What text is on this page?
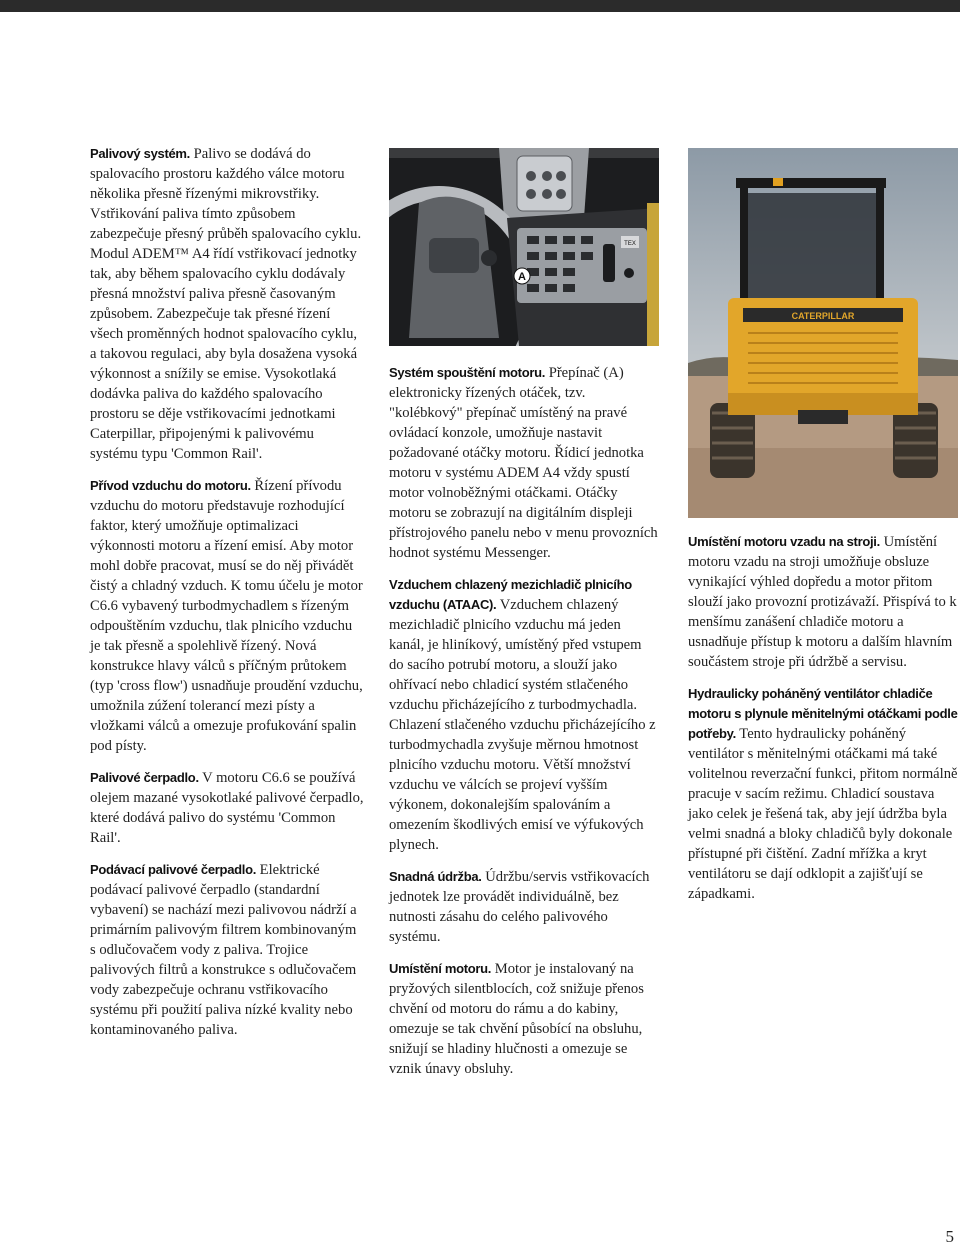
Palivový systém. Palivo se dodává do spalovacího prostoru každého válce motoru několika přesně řízenými mikrovstřiky. Vstřikování paliva tímto způsobem zabezpečuje přesný průběh spalovacího cyklu. Modul ADEM™ A4 řídí vstřikovací jednotky tak, aby během spalovacího cyklu dodávaly přesná množství paliva přesně časovaným způsobem. Zabezpečuje tak přesné řízení všech proměnných hodnot spalovacího cyklu, a takovou regulaci, aby byla dosažena vysoká výkonnost a snížily se emise. Vysokotlaká dodávka paliva do každého spalovacího prostoru se děje vstřikovacími jednotkami Caterpillar, připojenými k palivovému systému typu 'Common Rail'.

Přívod vzduchu do motoru. Řízení přívodu vzduchu do motoru představuje rozhodující faktor, který umožňuje optimalizaci výkonnosti motoru a řízení emisí. Aby motor mohl dobře pracovat, musí se do něj přivádět čistý a chladný vzduch. K tomu účelu je motor C6.6 vybavený turbodmychadlem s řízeným odpouštěním vzduchu, tlak plnicího vzduchu je tak přesně a spolehlivě řízený. Nová konstrukce hlavy válců s příčným průtokem (typ 'cross flow') usnadňuje proudění vzduchu, umožnila zúžení tolerancí mezi písty a vložkami válců a omezuje profukování spalin pod písty.

Palivové čerpadlo. V motoru C6.6 se používá olejem mazané vysokotlaké palivové čerpadlo, které dodává palivo do systému 'Common Rail'.

Podávací palivové čerpadlo. Elektrické podávací palivové čerpadlo (standardní vybavení) se nachází mezi palivovou nádrží a primárním palivovým filtrem kombinovaným s odlučovačem vody z paliva. Trojice palivových filtrů a konstrukce s odlučovačem vody zabezpečuje ochranu vstřikovacího systému při použití paliva nízké kvality nebo kontaminovaného paliva.

A
TEX

Systém spouštění motoru. Přepínač (A) elektronicky řízených otáček, tzv. "kolébkový" přepínač umístěný na pravé ovládací konzole, umožňuje nastavit požadované otáčky motoru. Řídicí jednotka motoru v systému ADEM A4 vždy spustí motor volnoběžnými otáčkami. Otáčky motoru se zobrazují na digitálním displeji přístrojového panelu nebo v menu provozních hodnot systému Messenger.

Vzduchem chlazený mezichladič plnicího vzduchu (ATAAC). Vzduchem chlazený mezichladič plnicího vzduchu má jeden kanál, je hliníkový, umístěný před vstupem do sacího potrubí motoru, a slouží jako ohřívací nebo chladicí systém stlačeného vzduchu přicházejícího z turbodmychadla. Chlazení stlačeného vzduchu přicházejícího z turbodmychadla zvyšuje měrnou hmotnost plnicího vzduchu motoru. Větší množství vzduchu ve válcích se projeví vyšším výkonem, dokonalejším spalováním a omezením škodlivých emisí ve výfukových plynech.

Snadná údržba. Údržbu/servis vstřikovacích jednotek lze provádět individuálně, bez nutnosti zásahu do celého palivového systému.

Umístění motoru. Motor je instalovaný na pryžových silentblocích, což snižuje přenos chvění od motoru do rámu a do kabiny, omezuje se tak chvění působící na obsluhu, snižují se hladiny hlučnosti a omezuje se vznik únavy obsluhy.

CATERPILLAR

Umístění motoru vzadu na stroji. Umístění motoru vzadu na stroji umožňuje obsluze vynikající výhled dopředu a motor přitom slouží jako provozní protizávaží. Přispívá to k menšímu zanášení chladiče motoru a usnadňuje přístup k motoru a dalším hlavním součástem stroje při údržbě a servisu.

Hydraulicky poháněný ventilátor chladiče motoru s plynule měnitelnými otáčkami podle potřeby. Tento hydraulicky poháněný ventilátor s měnitelnými otáčkami má také volitelnou reverzační funkci, přitom normálně pracuje v sacím režimu. Chladicí soustava jako celek je řešená tak, aby její údržba byla velmi snadná a bloky chladičů byly dokonale přístupné při čištění. Zadní mřížka a kryt ventilátoru se dají odklopit a zajišťují se západkami.

5
